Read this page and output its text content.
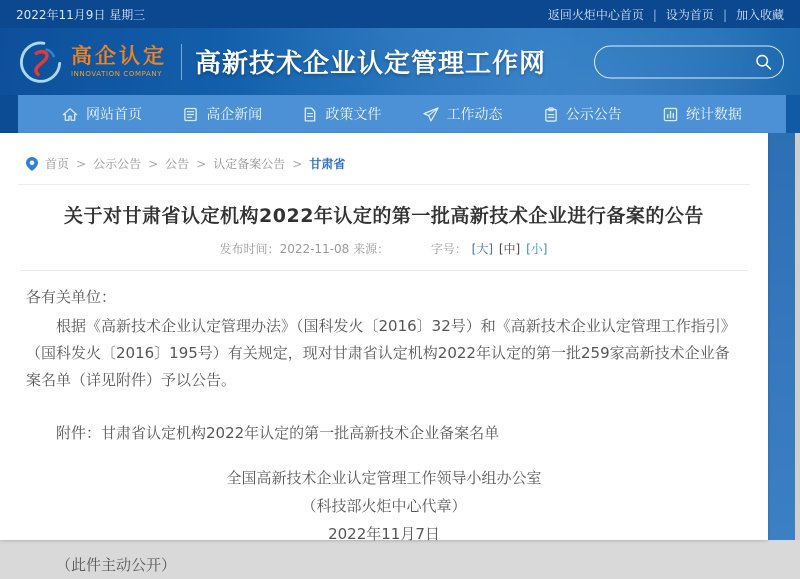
2022年11月9日 星期三	返回火炬中心首页 | 设为首页 | 加入收藏
高企认定
INNOVATION COMPANY 高新技术企业认定管理工作网
网站首页	高企新闻	政策文件	工作动态	公示公告	统计数据
首页 > 公示公告 > 公告 > 认定备案公告 > 甘肃省
关于对甘肃省认定机构2022年认定的第一批高新技术企业进行备案的公告
发布时间：2022-11-08 来源：	字号： [大] [中] [小]

各有关单位：

根据《高新技术企业认定管理办法》（国科发火〔2016〕32号）和《高新技术企业认定管理工作指引》（国科发火〔2016〕195号）有关规定，现对甘肃省认定机构2022年认定的第一批259家高新技术企业备案名单（详见附件）予以公告。

附件：甘肃省认定机构2022年认定的第一批高新技术企业备案名单

全国高新技术企业认定管理工作领导小组办公室
（科技部火炬中心代章）
2022年11月7日

（此件主动公开）
